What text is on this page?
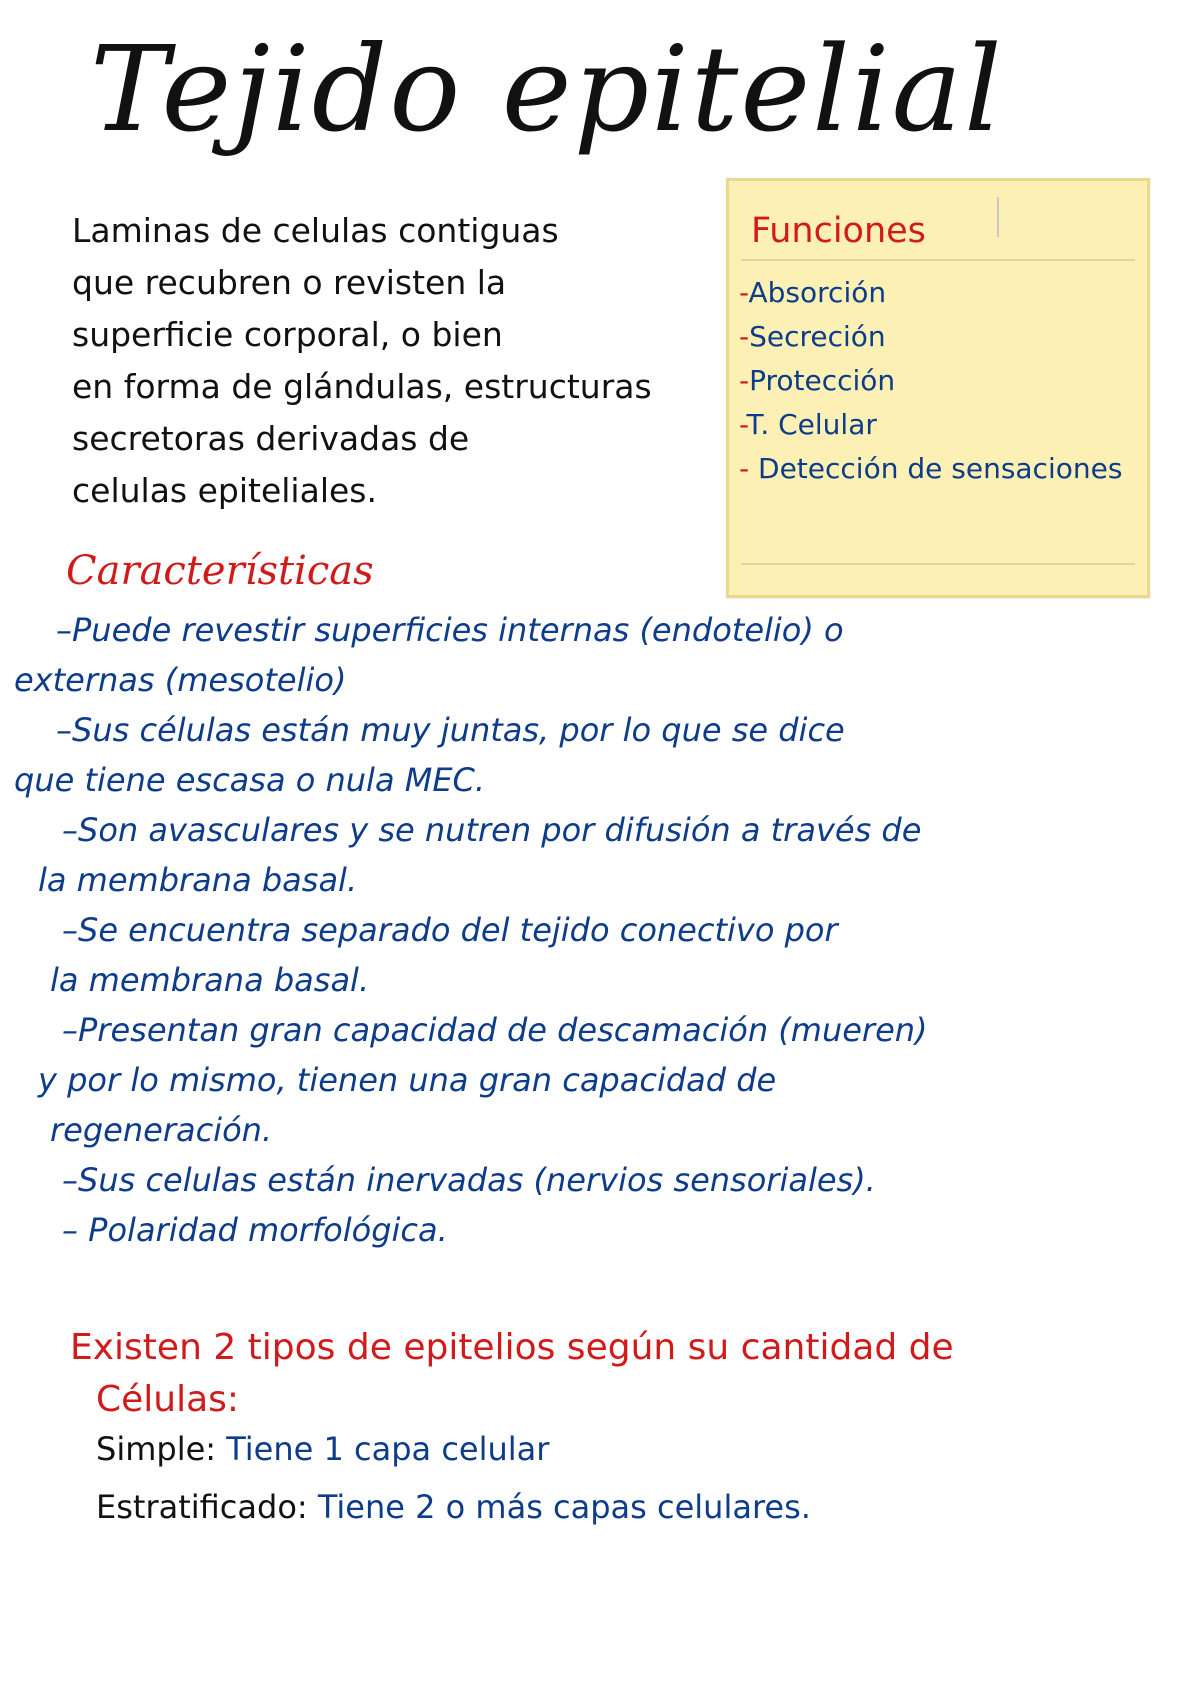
Tejido epitelial
Laminas de celulas contiguas
que recubren o revisten la
superficie corporal, o bien
en forma de glándulas, estructuras
secretoras derivadas de
celulas epiteliales.
Funciones
-Absorción
-Secreción
-Protección
-T. Celular
- Detección de sensaciones
Características
–Puede revestir superficies internas (endotelio) o
externas (mesotelio)
–Sus células están muy juntas, por lo que se dice
que tiene escasa o nula MEC.
–Son avasculares y se nutren por difusión a través de
la membrana basal.
–Se encuentra separado del tejido conectivo por
la membrana basal.
–Presentan gran capacidad de descamación (mueren)
y por lo mismo, tienen una gran capacidad de
regeneración.
–Sus celulas están inervadas (nervios sensoriales).
– Polaridad morfológica.
Existen 2 tipos de epitelios según su cantidad de
Células:
Simple: Tiene 1 capa celular
Estratificado: Tiene 2 o más capas celulares.
